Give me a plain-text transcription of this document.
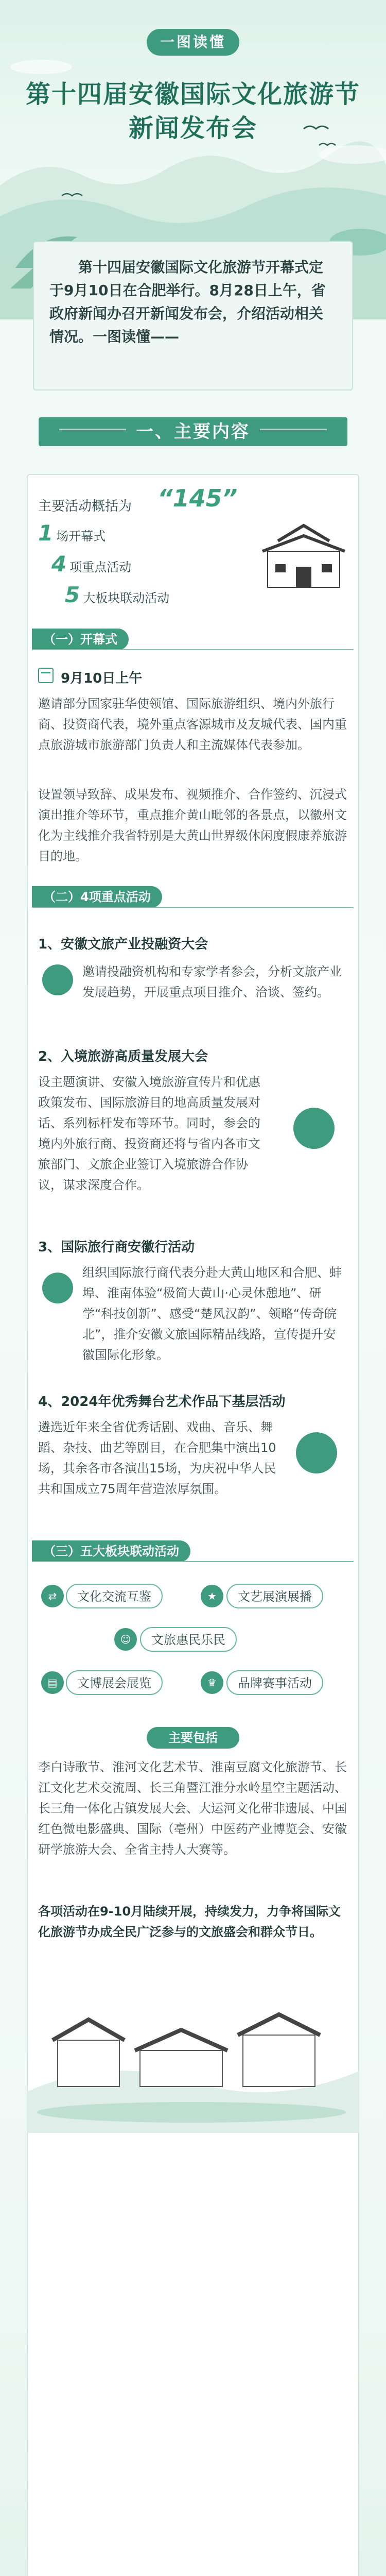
一图读懂
第十四届安徽国际文化旅游节
新闻发布会

第十四届安徽国际文化旅游节开幕式定于9月10日在合肥举行。8月28日上午，省政府新闻办召开新闻发布会，介绍活动相关情况。一图读懂——

一、主要内容
主要活动概括为 “145”
1 场开幕式
4 项重点活动
5 大板块联动活动
（一）开幕式
9月10日上午

邀请部分国家驻华使领馆、国际旅游组织、境内外旅行商、投资商代表，境外重点客源城市及友城代表、国内重点旅游城市旅游部门负责人和主流媒体代表参加。

设置领导致辞、成果发布、视频推介、合作签约、沉浸式演出推介等环节，重点推介黄山毗邻的各景点，以徽州文化为主线推介我省特别是大黄山世界级休闲度假康养旅游目的地。

（二）4项重点活动
1、安徽文旅产业投融资大会

邀请投融资机构和专家学者参会，分析文旅产业发展趋势，开展重点项目推介、洽谈、签约。

2、入境旅游高质量发展大会

设主题演讲、安徽入境旅游宣传片和优惠政策发布、国际旅游目的地高质量发展对话、系列标杆发布等环节。同时，参会的境内外旅行商、投资商还将与省内各市文旅部门、文旅企业签订入境旅游合作协议，谋求深度合作。

3、国际旅行商安徽行活动

组织国际旅行商代表分赴大黄山地区和合肥、蚌埠、淮南体验“极简大黄山·心灵休憩地”、研学“科技创新”、感受“楚风汉韵”、领略“传奇皖北”，推介安徽文旅国际精品线路，宣传提升安徽国际化形象。

4、2024年优秀舞台艺术作品下基层活动

遴选近年来全省优秀话剧、戏曲、音乐、舞蹈、杂技、曲艺等剧目，在合肥集中演出10场，其余各市各演出15场，为庆祝中华人民共和国成立75周年营造浓厚氛围。

（三）五大板块联动活动
⇄	文化交流互鉴	★	文艺展演展播
☺	文旅惠民乐民
▤	文博展会展览	♛	品牌赛事活动
主要包括

李白诗歌节、淮河文化艺术节、淮南豆腐文化旅游节、长江文化艺术交流周、长三角暨江淮分水岭星空主题活动、长三角一体化古镇发展大会、大运河文化带非遗展、中国红色微电影盛典、国际（亳州）中医药产业博览会、安徽研学旅游大会、全省主持人大赛等。

各项活动在9-10月陆续开展，持续发力，力争将国际文化旅游节办成全民广泛参与的文旅盛会和群众节日。
